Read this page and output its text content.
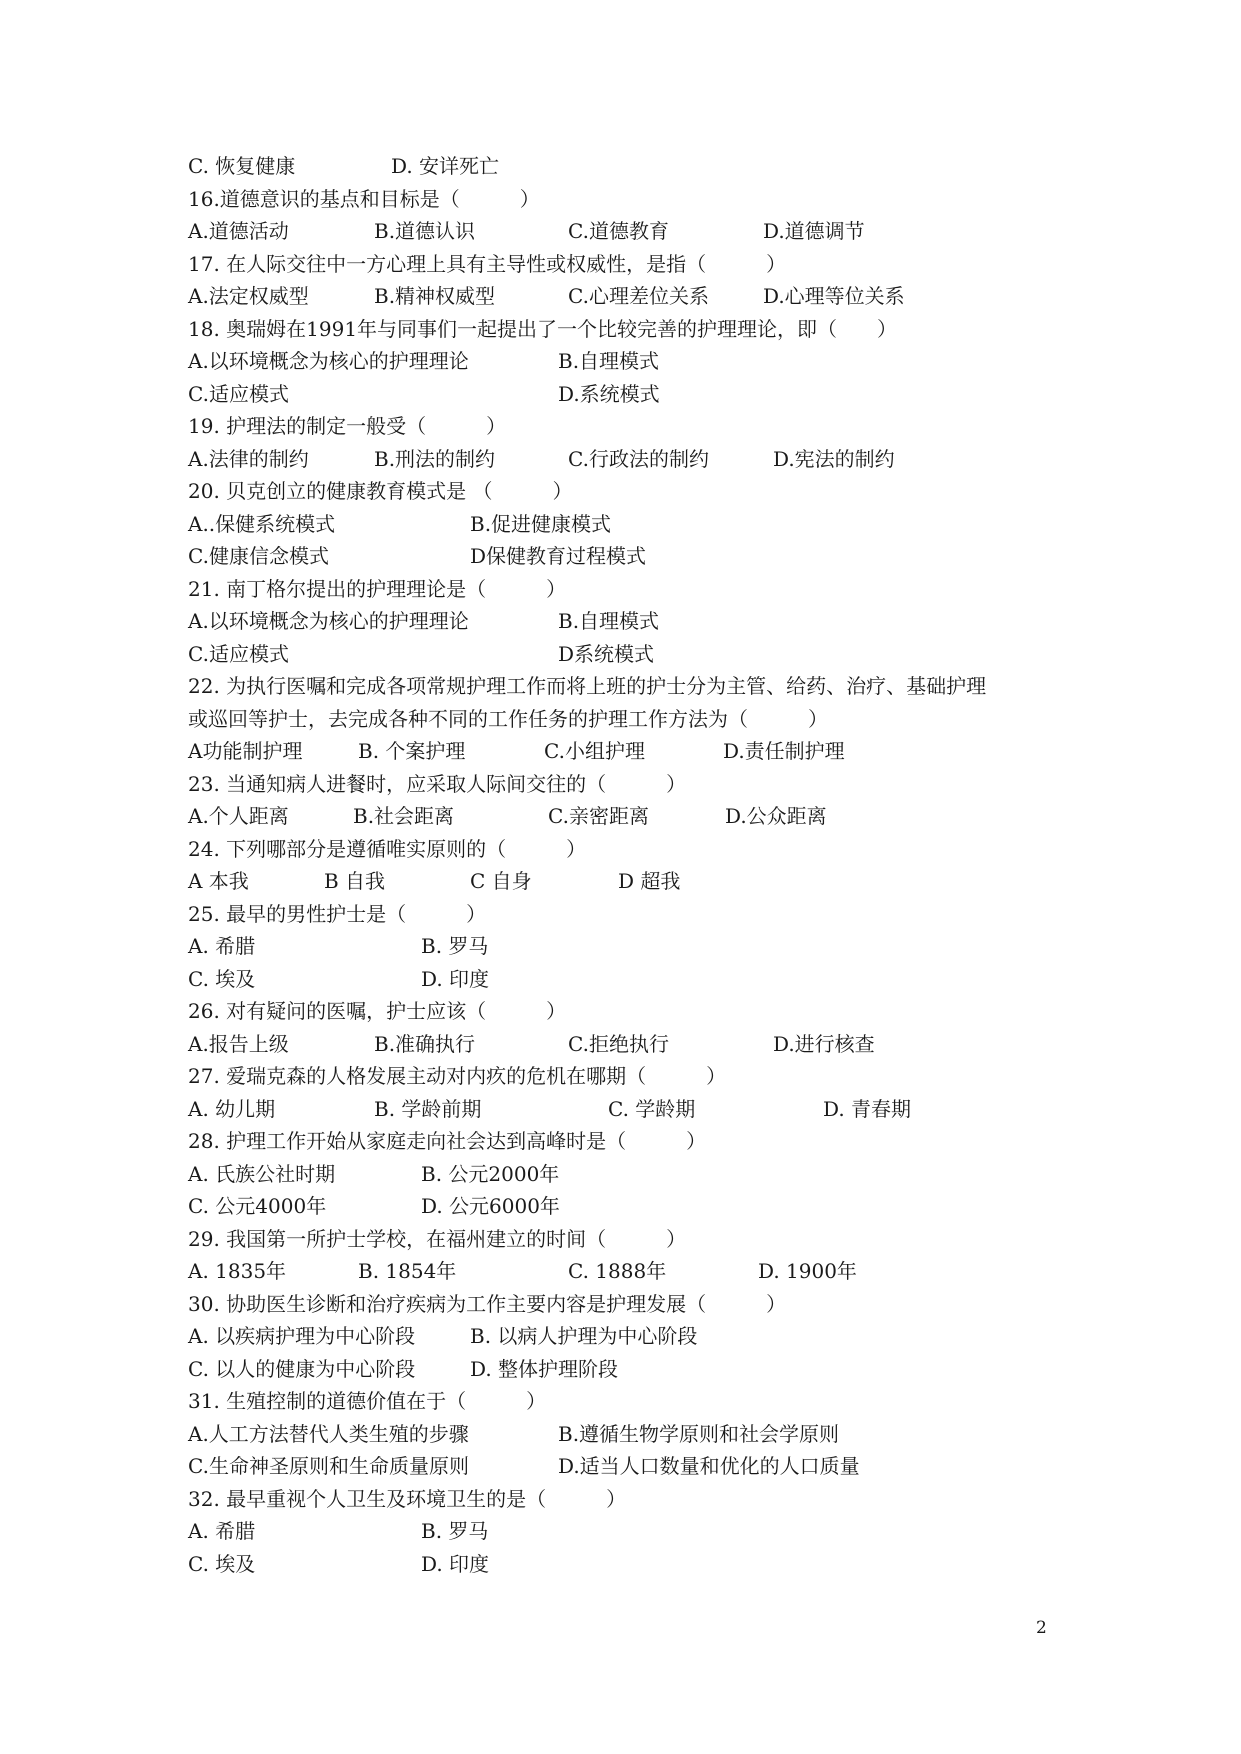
C. 恢复健康	D. 安详死亡
16.道德意识的基点和目标是（　　　）
A.道德活动	B.道德认识	C.道德教育	D.道德调节
17. 在人际交往中一方心理上具有主导性或权威性，是指（　　　）
A.法定权威型	B.精神权威型	C.心理差位关系	D.心理等位关系
18. 奥瑞姆在1991年与同事们一起提出了一个比较完善的护理理论，即（　　）
A.以环境概念为核心的护理理论	B.自理模式
C.适应模式	D.系统模式
19. 护理法的制定一般受（　　　）
A.法律的制约	B.刑法的制约	C.行政法的制约	D.宪法的制约
20. 贝克创立的健康教育模式是 （　　　）
A..保健系统模式	B.促进健康模式
C.健康信念模式	D保健教育过程模式
21. 南丁格尔提出的护理理论是（　　　）
A.以环境概念为核心的护理理论	B.自理模式
C.适应模式	D系统模式
22. 为执行医嘱和完成各项常规护理工作而将上班的护士分为主管、给药、治疗、基础护理
或巡回等护士，去完成各种不同的工作任务的护理工作方法为（　　　）
A功能制护理	B. 个案护理	C.小组护理	D.责任制护理
23. 当通知病人进餐时，应采取人际间交往的（　　　）
A.个人距离	B.社会距离	C.亲密距离	D.公众距离
24. 下列哪部分是遵循唯实原则的（　　　）
A 本我	B 自我	C 自身	D 超我
25. 最早的男性护士是（　　　）
A. 希腊	B. 罗马
C. 埃及	D. 印度
26. 对有疑问的医嘱，护士应该（　　　）
A.报告上级	B.准确执行	C.拒绝执行	D.进行核查
27. 爱瑞克森的人格发展主动对内疚的危机在哪期（　　　）
A. 幼儿期	B. 学龄前期	C. 学龄期	D. 青春期
28. 护理工作开始从家庭走向社会达到高峰时是（　　　）
A. 氏族公社时期	B. 公元2000年
C. 公元4000年	D. 公元6000年
29. 我国第一所护士学校，在福州建立的时间（　　　）
A. 1835年	B. 1854年	C. 1888年	D. 1900年
30. 协助医生诊断和治疗疾病为工作主要内容是护理发展（　　　）
A. 以疾病护理为中心阶段	B. 以病人护理为中心阶段
C. 以人的健康为中心阶段	D. 整体护理阶段
31. 生殖控制的道德价值在于（　　　）
A.人工方法替代人类生殖的步骤	B.遵循生物学原则和社会学原则
C.生命神圣原则和生命质量原则	D.适当人口数量和优化的人口质量
32. 最早重视个人卫生及环境卫生的是（　　　）
A. 希腊	B. 罗马
C. 埃及	D. 印度
2
